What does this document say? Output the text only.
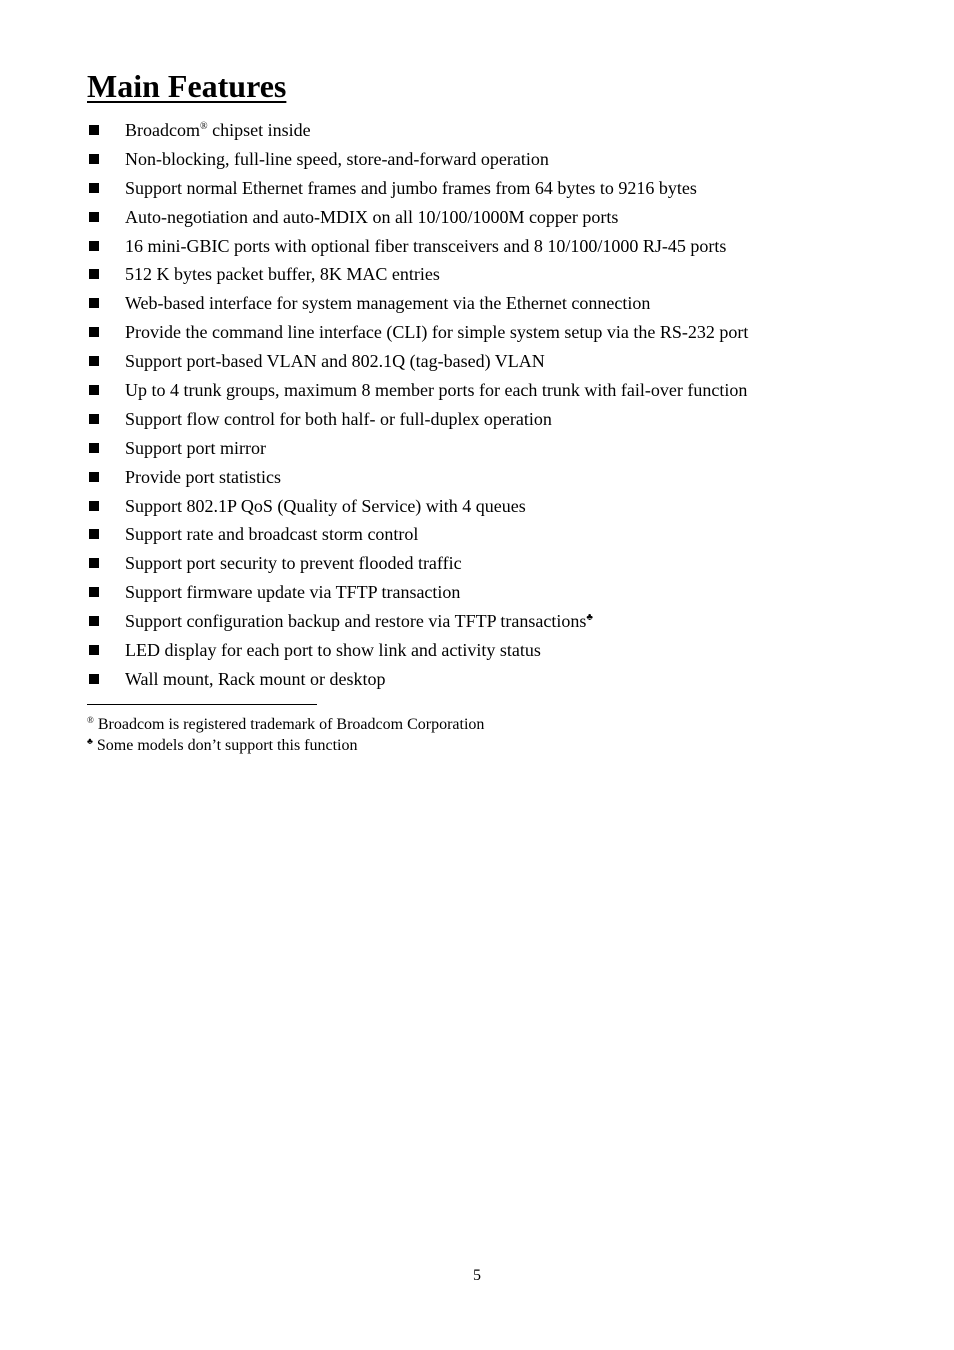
Main Features
Broadcom® chipset inside
Non-blocking, full-line speed, store-and-forward operation
Support normal Ethernet frames and jumbo frames from 64 bytes to 9216 bytes
Auto-negotiation and auto-MDIX on all 10/100/1000M copper ports
16 mini-GBIC ports with optional fiber transceivers and 8 10/100/1000 RJ-45 ports
512 K bytes packet buffer, 8K MAC entries
Web-based interface for system management via the Ethernet connection
Provide the command line interface (CLI) for simple system setup via the RS-232 port
Support port-based VLAN and 802.1Q (tag-based) VLAN
Up to 4 trunk groups, maximum 8 member ports for each trunk with fail-over function
Support flow control for both half- or full-duplex operation
Support port mirror
Provide port statistics
Support 802.1P QoS (Quality of Service) with 4 queues
Support rate and broadcast storm control
Support port security to prevent flooded traffic
Support firmware update via TFTP transaction
Support configuration backup and restore via TFTP transactions♣
LED display for each port to show link and activity status
Wall mount, Rack mount or desktop
® Broadcom is registered trademark of Broadcom Corporation
♣ Some models don’t support this function
5
